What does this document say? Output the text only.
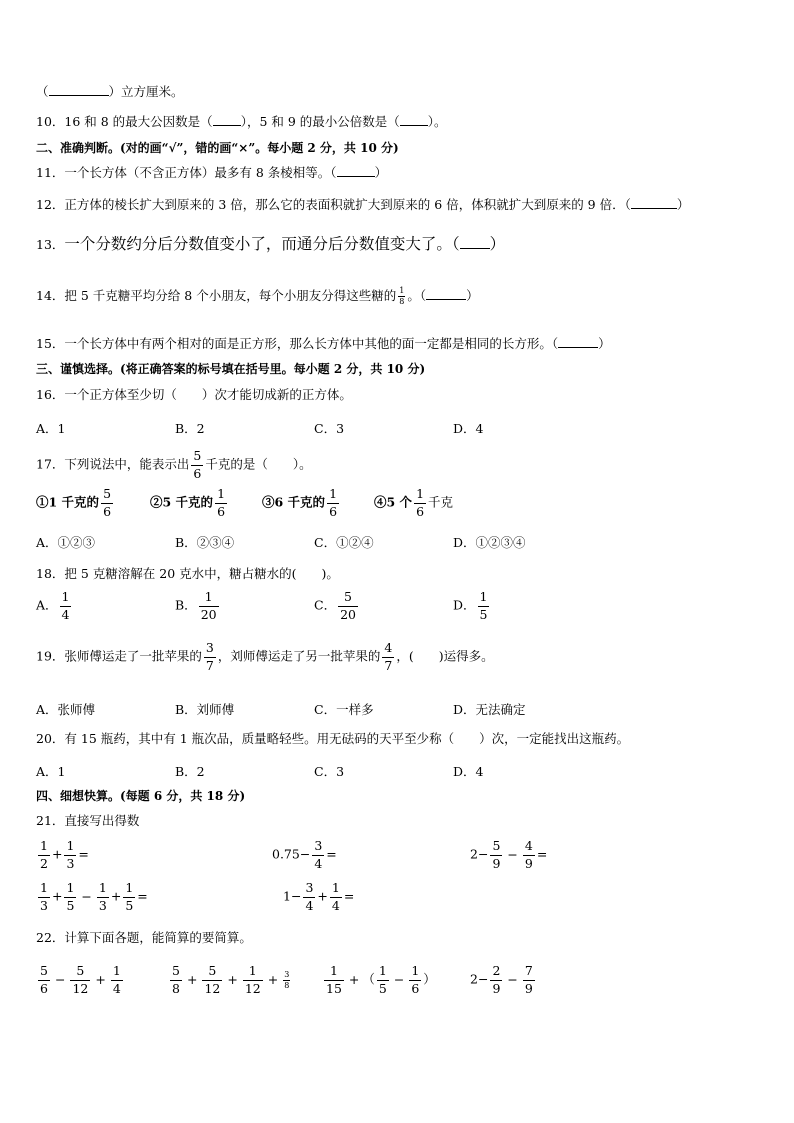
（	）立方厘米。
10．16 和 8 的最大公因数是（ ），5 和 9 的最小公倍数是（ ）。
二、准确判断。(对的画“√”，错的画“×”。每小题 2 分，共 10 分)
11．一个长方体（不含正方体）最多有 8 条棱相等。（	）
12．正方体的棱长扩大到原来的 3 倍，那么它的表面积就扩大到原来的 6 倍，体积就扩大到原来的 9 倍．（	）
13．一个分数约分后分数值变小了，而通分后分数值变大了。（ ）
14．把 5 千克糖平均分给 8 个小朋友，每个小朋友分得这些糖的 $\frac{1}{8}$ 。（	）
15．一个长方体中有两个相对的面是正方形，那么长方体中其他的面一定都是相同的长方形。（	）
三、谨慎选择。(将正确答案的标号填在括号里。每小题 2 分，共 10 分)
16．一个正方体至少切（　　）次才能切成新的正方体。
A．1	B．2	C．3	D．4
17．下列说法中，能表示出 $\frac{5}{6}$ 千克的是（　　）。
①1 千克的 $\frac{5}{6}$	②5 千克的 $\frac{1}{6}$	③6 千克的 $\frac{1}{6}$	④5 个 $\frac{1}{6}$ 千克
A．①②③	B．②③④	C．①②④	D．①②③④
18．把 5 克糖溶解在 20 克水中，糖占糖水的(　　)。
A． $\frac{1}{4}$	B． $\frac{1}{20}$	C． $\frac{5}{20}$	D． $\frac{1}{5}$
19．张师傅运走了一批苹果的 $\frac{3}{7}$ ，刘师傅运走了另一批苹果的 $\frac{4}{7}$ ，(　　)运得多。
A．张师傅	B．刘师傅	C．一样多	D．无法确定
20．有 15 瓶药，其中有 1 瓶次品，质量略轻些。用无砝码的天平至少称（　　）次，一定能找出这瓶药。
A．1	B．2	C．3	D．4
四、细想快算。(每题 6 分，共 18 分)
21．直接写出得数
$\frac{1}{2} + \frac{1}{3}$ =	$0.75- \frac{3}{4}$ =	$2- \frac{5}{9} - \frac{4}{9}$ =
$\frac{1}{3} + \frac{1}{5} - \frac{1}{3} + \frac{1}{5}$ =	$1- \frac{3}{4} + \frac{1}{4}$ =
22．计算下面各题，能简算的要简算。
$\frac{5}{6} - \frac{5}{12} + \frac{1}{4}$	$\frac{5}{8} + \frac{5}{12} + \frac{1}{12} + \frac{3}{8}$	$\frac{1}{15}$ + （ $\frac{1}{5} - \frac{1}{6}$ ）	$2- \frac{2}{9} - \frac{7}{9}$
